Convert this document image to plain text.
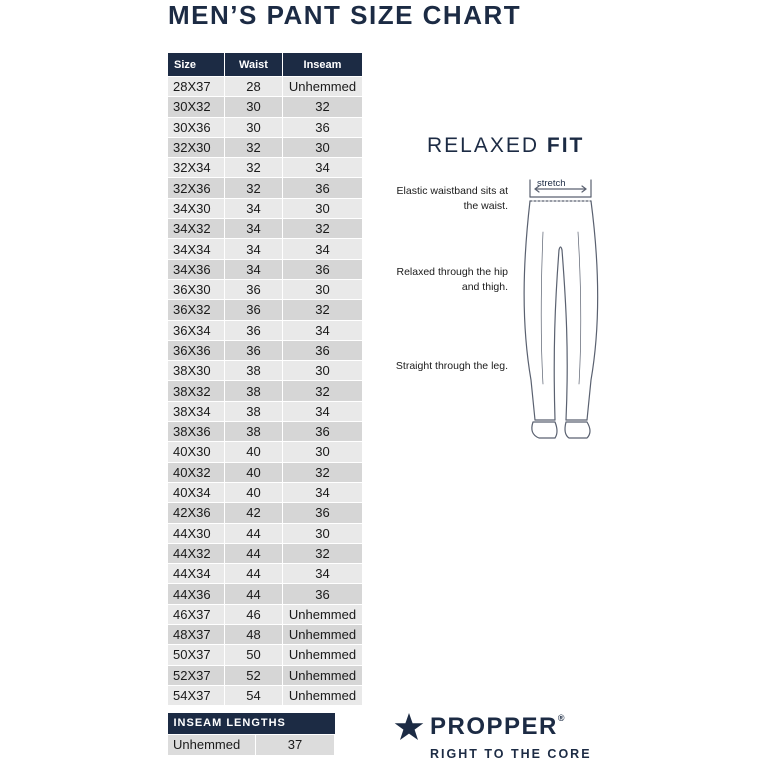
MEN’S PANT SIZE CHART
Size	Waist	Inseam
28X37	28	Unhemmed
30X32	30	32
30X36	30	36
32X30	32	30
32X34	32	34
32X36	32	36
34X30	34	30
34X32	34	32
34X34	34	34
34X36	34	36
36X30	36	30
36X32	36	32
36X34	36	34
36X36	36	36
38X30	38	30
38X32	38	32
38X34	38	34
38X36	38	36
40X30	40	30
40X32	40	32
40X34	40	34
42X36	42	36
44X30	44	30
44X32	44	32
44X34	44	34
44X36	44	36
46X37	46	Unhemmed
48X37	48	Unhemmed
50X37	50	Unhemmed
52X37	52	Unhemmed
54X37	54	Unhemmed
INSEAM LENGTHS
Unhemmed	37
RELAXED FIT
Elastic waistband sits at the waist.
Relaxed through the hip and thigh.
Straight through the leg.
stretch
PROPPER®
RIGHT TO THE CORE
